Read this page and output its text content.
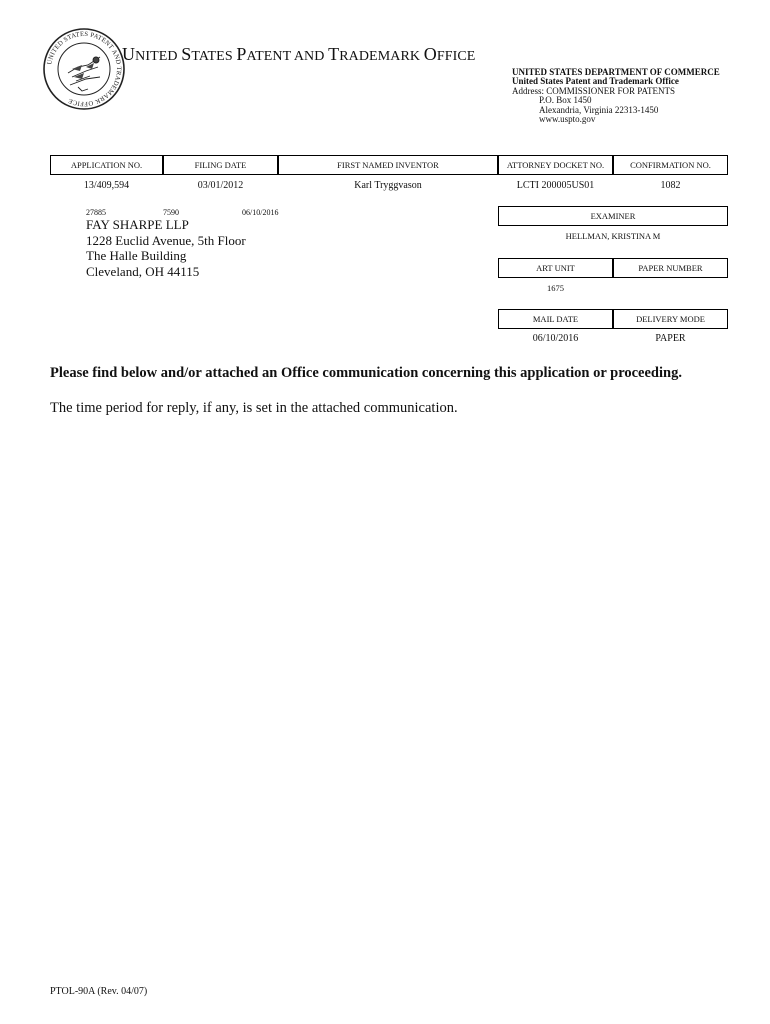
UNITED STATES PATENT AND TRADEMARK OFFICE
UNITED STATES PATENT AND TRADEMARK OFFICE
UNITED STATES DEPARTMENT OF COMMERCE
United States Patent and Trademark Office
Address: COMMISSIONER FOR PATENTS
P.O. Box 1450
Alexandria, Virginia 22313-1450
www.uspto.gov
APPLICATION NO.	FILING DATE	FIRST NAMED INVENTOR	ATTORNEY DOCKET NO.	CONFIRMATION NO.
13/409,594	03/01/2012	Karl Tryggvason	LCTI 200005US01	1082
27885	7590	06/10/2016
FAY SHARPE LLP
1228 Euclid Avenue, 5th Floor
The Halle Building
Cleveland, OH 44115
EXAMINER
HELLMAN, KRISTINA M
ART UNIT	PAPER NUMBER
1675
MAIL DATE	DELIVERY MODE
06/10/2016	PAPER
Please find below and/or attached an Office communication concerning this application or proceeding.
The time period for reply, if any, is set in the attached communication.
PTOL-90A (Rev. 04/07)
